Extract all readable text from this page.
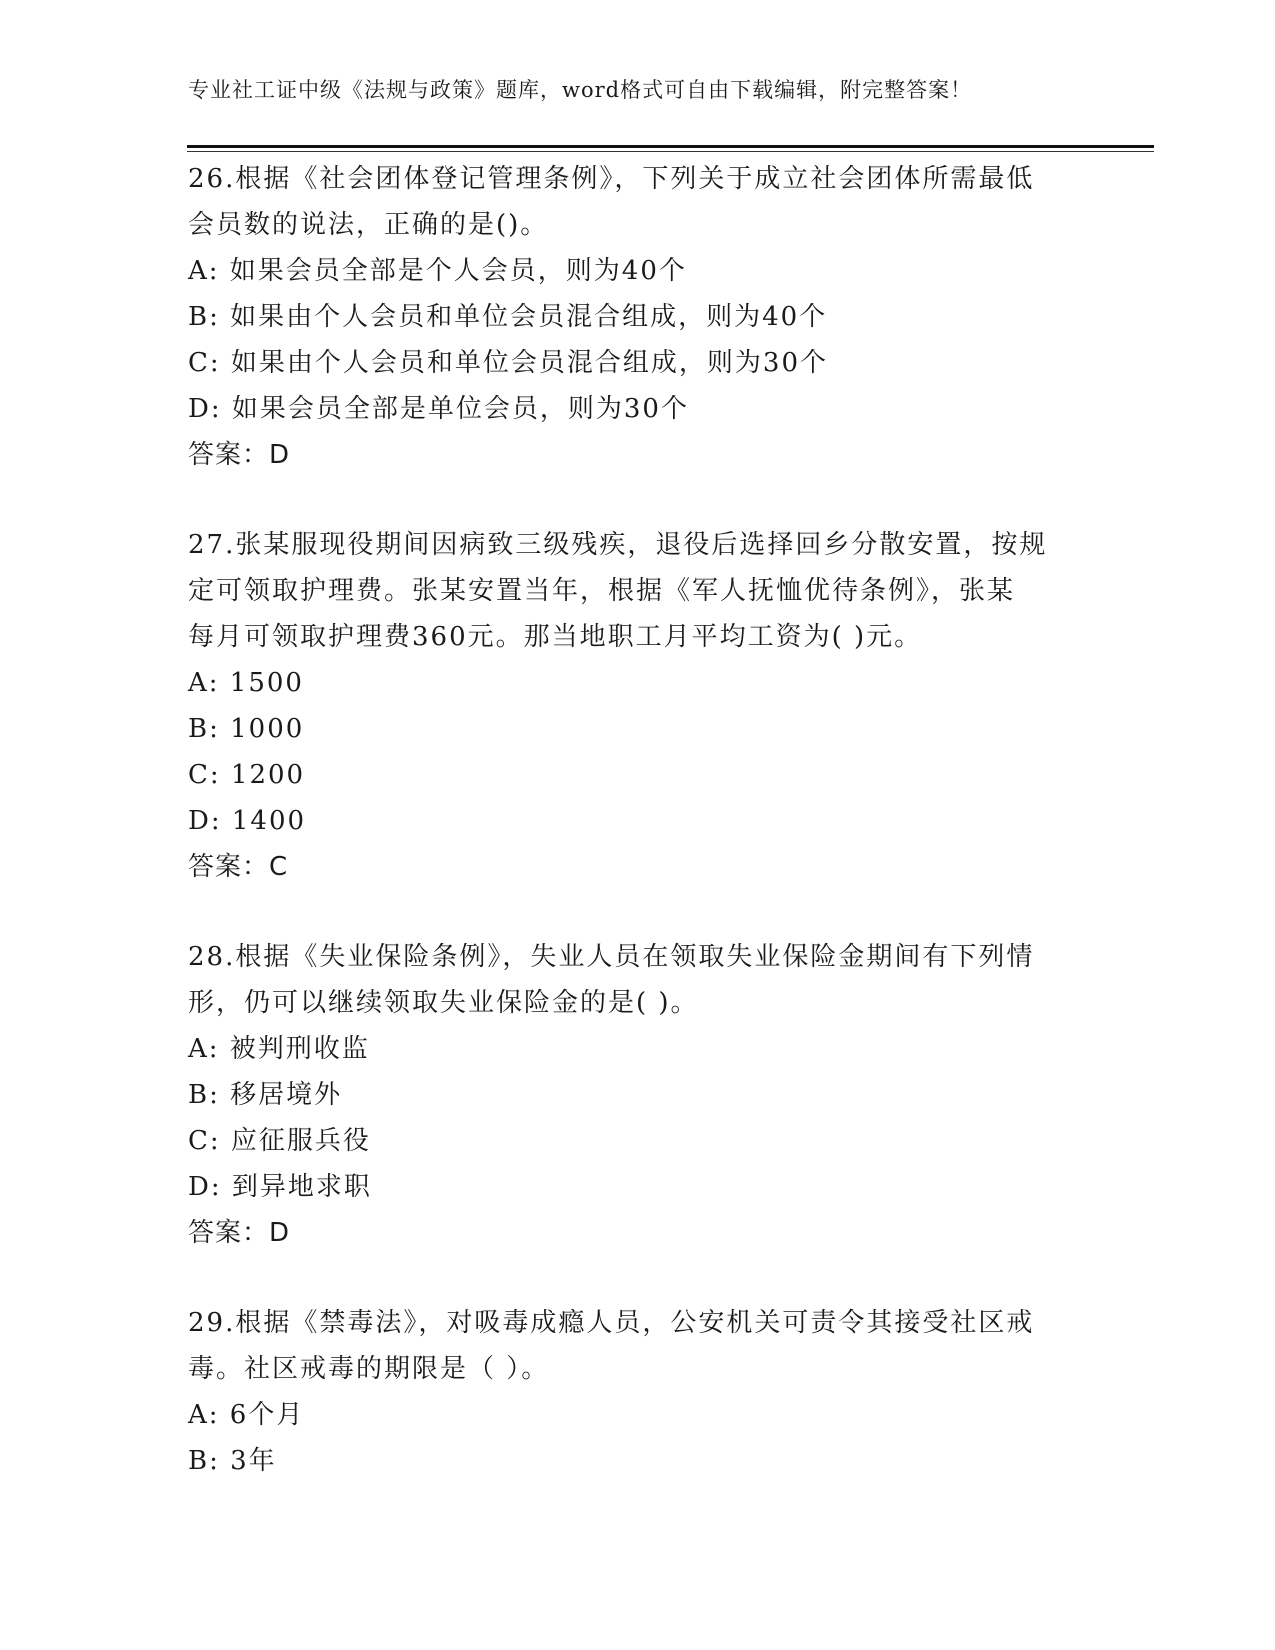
专业社工证中级《法规与政策》题库，word格式可自由下载编辑，附完整答案！
26.根据《社会团体登记管理条例》，下列关于成立社会团体所需最低
会员数的说法，正确的是()。
A: 如果会员全部是个人会员，则为40个
B: 如果由个人会员和单位会员混合组成，则为40个
C: 如果由个人会员和单位会员混合组成，则为30个
D: 如果会员全部是单位会员，则为30个
答案：D
27.张某服现役期间因病致三级残疾，退役后选择回乡分散安置，按规
定可领取护理费。张某安置当年，根据《军人抚恤优待条例》，张某
每月可领取护理费360元。那当地职工月平均工资为( )元。
A: 1500
B: 1000
C: 1200
D: 1400
答案：C
28.根据《失业保险条例》，失业人员在领取失业保险金期间有下列情
形，仍可以继续领取失业保险金的是( )。
A: 被判刑收监
B: 移居境外
C: 应征服兵役
D: 到异地求职
答案：D
29.根据《禁毒法》，对吸毒成瘾人员，公安机关可责令其接受社区戒
毒。社区戒毒的期限是（ ）。
A: 6个月
B: 3年
